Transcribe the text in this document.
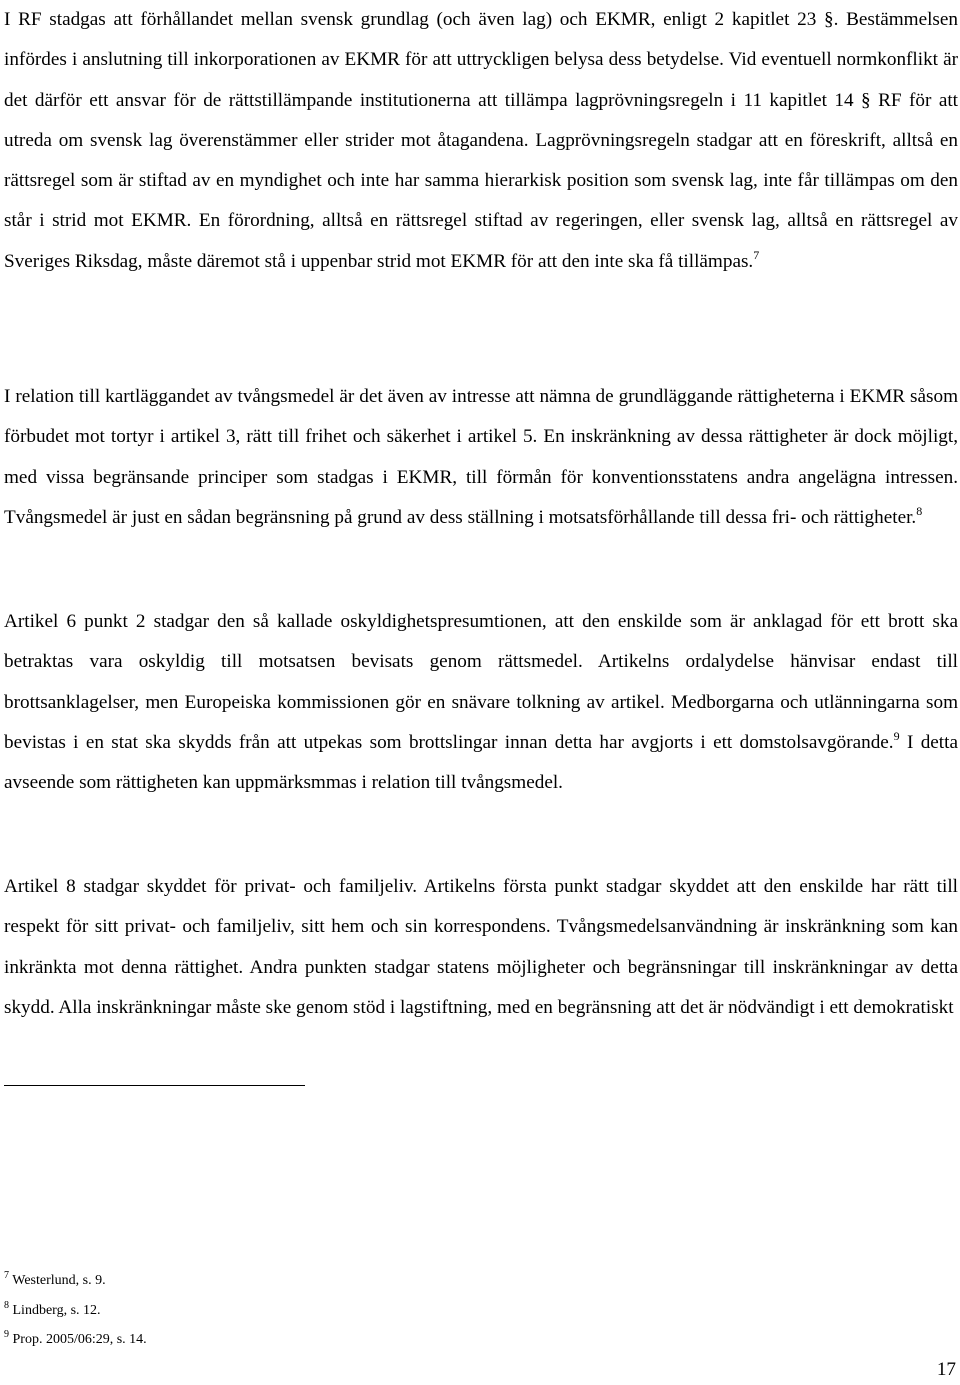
I RF stadgas att förhållandet mellan svensk grundlag (och även lag) och EKMR, enligt 2 kapitlet 23 §. Bestämmelsen infördes i anslutning till inkorporationen av EKMR för att uttryckligen belysa dess betydelse. Vid eventuell normkonflikt är det därför ett ansvar för de rättstillämpande institutionerna att tillämpa lagprövningsregeln i 11 kapitlet 14 § RF för att utreda om svensk lag överenstämmer eller strider mot åtagandena. Lagprövningsregeln stadgar att en föreskrift, alltså en rättsregel som är stiftad av en myndighet och inte har samma hierarkisk position som svensk lag, inte får tillämpas om den står i strid mot EKMR. En förordning, alltså en rättsregel stiftad av regeringen, eller svensk lag, alltså en rättsregel av Sveriges Riksdag, måste däremot stå i uppenbar strid mot EKMR för att den inte ska få tillämpas.$^7$

I relation till kartläggandet av tvångsmedel är det även av intresse att nämna de grundläggande rättigheterna i EKMR såsom förbudet mot tortyr i artikel 3, rätt till frihet och säkerhet i artikel 5. En inskränkning av dessa rättigheter är dock möjligt, med vissa begränsande principer som stadgas i EKMR, till förmån för konventionsstatens andra angelägna intressen. Tvångsmedel är just en sådan begränsning på grund av dess ställning i motsatsförhållande till dessa fri- och rättigheter.$^8$

Artikel 6 punkt 2 stadgar den så kallade oskyldighetspresumtionen, att den enskilde som är anklagad för ett brott ska betraktas vara oskyldig till motsatsen bevisats genom rättsmedel. Artikelns ordalydelse hänvisar endast till brottsanklagelser, men Europeiska kommissionen gör en snävare tolkning av artikel. Medborgarna och utlänningarna som bevistas i en stat ska skydds från att utpekas som brottslingar innan detta har avgjorts i ett domstolsavgörande.$^9$ I detta avseende som rättigheten kan uppmärksmmas i relation till tvångsmedel.

Artikel 8 stadgar skyddet för privat- och familjeliv. Artikelns första punkt stadgar skyddet att den enskilde har rätt till respekt för sitt privat- och familjeliv, sitt hem och sin korrespondens. Tvångsmedelsanvändning är inskränkning som kan inkränkta mot denna rättighet. Andra punkten stadgar statens möjligheter och begränsningar till inskränkningar av detta skydd. Alla inskränkningar måste ske genom stöd i lagstiftning, med en begränsning att det är nödvändigt i ett demokratiskt

$^7$ Westerlund, s. 9.

$^8$ Lindberg, s. 12.

$^9$ Prop. 2005/06:29, s. 14.

17
